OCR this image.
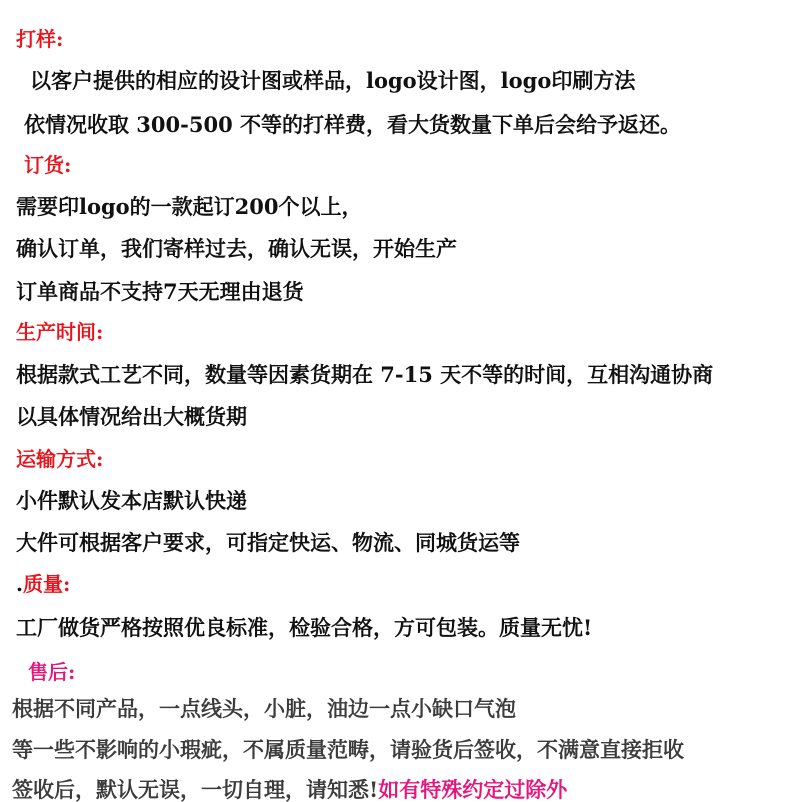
打样:
以客户提供的相应的设计图或样品，logo设计图，logo印刷方法
依情况收取 300-500 不等的打样费，看大货数量下单后会给予返还。
订货:
需要印logo的一款起订200个以上，
确认订单，我们寄样过去，确认无误，开始生产
订单商品不支持7天无理由退货
生产时间:
根据款式工艺不同，数量等因素货期在 7-15 天不等的时间，互相沟通协商
以具体情况给出大概货期
运输方式:
小件默认发本店默认快递
大件可根据客户要求，可指定快运、物流、同城货运等
.质量:
工厂做货严格按照优良标准，检验合格，方可包装。质量无忧!
售后:
根据不同产品，一点线头，小脏，油边一点小缺口气泡
等一些不影响的小瑕疵，不属质量范畴，请验货后签收，不满意直接拒收
签收后，默认无误，一切自理，请知悉!如有特殊约定过除外
